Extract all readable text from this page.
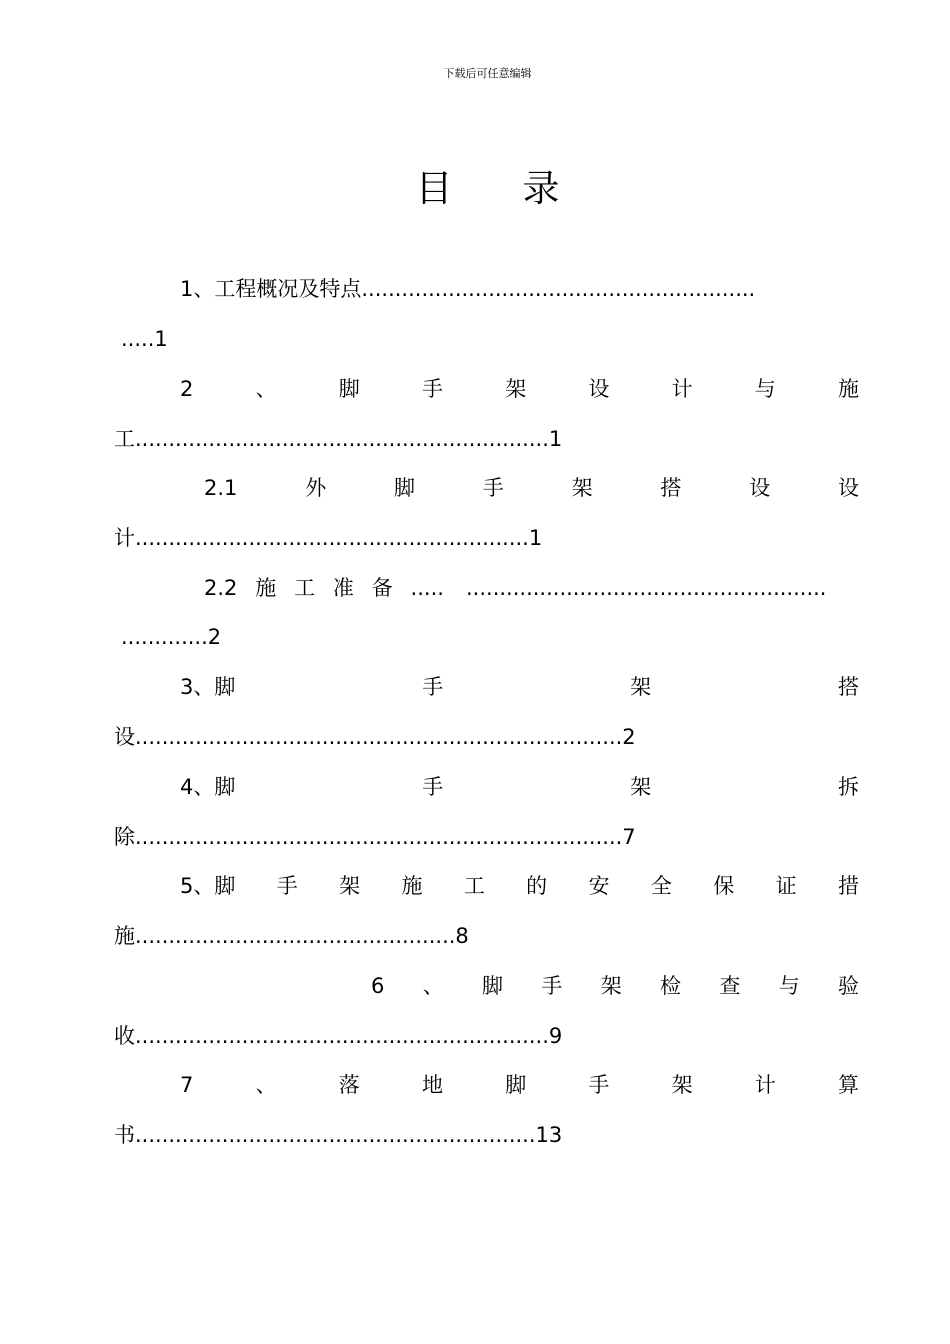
下载后可任意编辑
目录
1、工程概况及特点 ...........................................................
.....1
2	、	脚	手	架	设	计	与	施
工..............................................................1
2.1	外	脚	手	架	搭	设	设
计...........................................................1
2.2 施 工 准 备 ..... ......................................................
.............2
3、脚	手	架	搭
设.........................................................................2
4、脚	手	架	拆
除.........................................................................7
5、脚 手 架 施 工 的 安 全 保 证 措
施................................................8
6 、 脚 手 架 检 查 与 验
收..............................................................9
7	、	落	地	脚	手	架	计	算
书............................................................13
